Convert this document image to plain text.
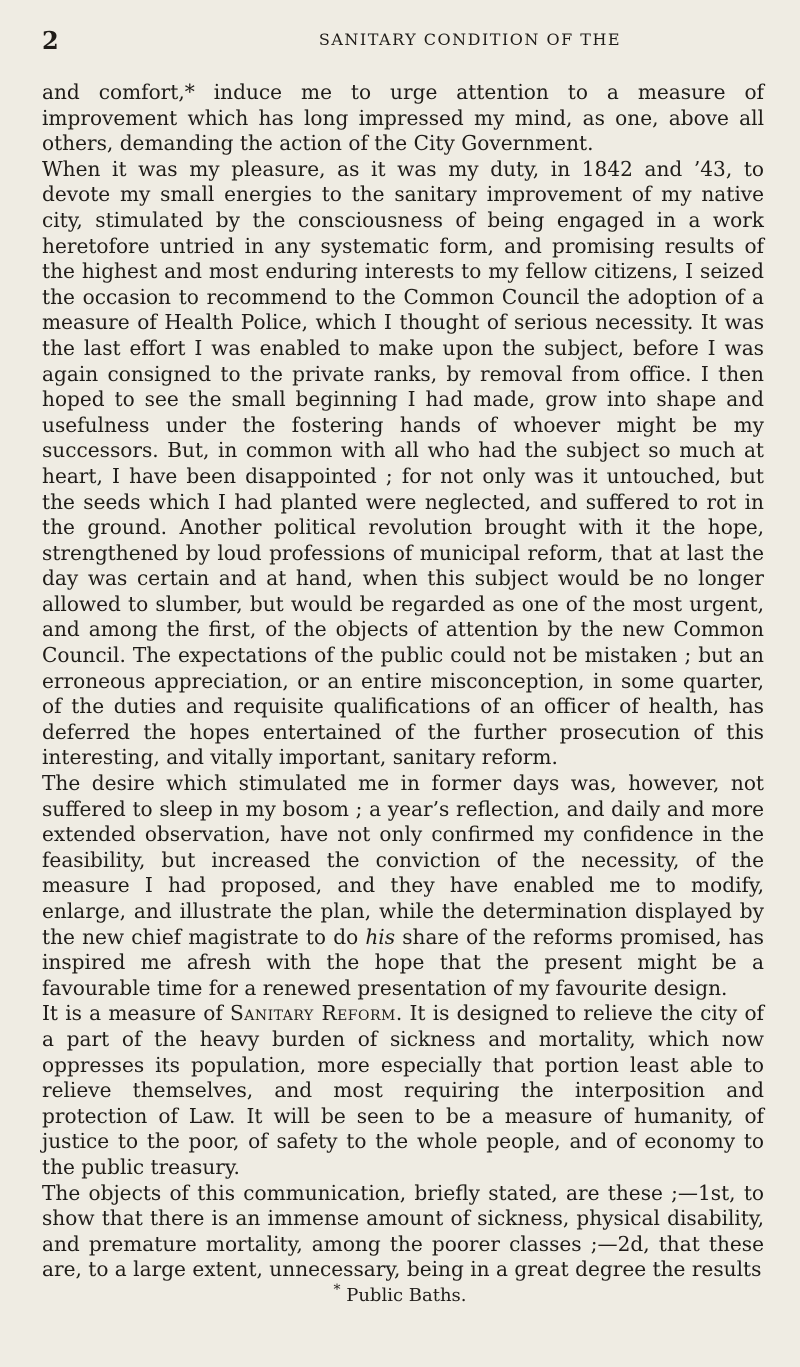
2	SANITARY CONDITION OF THE

and comfort,* induce me to urge attention to a measure of improvement which has long impressed my mind, as one, above all others, demanding the action of the City Government.

When it was my pleasure, as it was my duty, in 1842 and ’43, to devote my small energies to the sanitary improvement of my native city, stimulated by the consciousness of being engaged in a work heretofore untried in any systematic form, and promising results of the highest and most enduring interests to my fellow citizens, I seized the occasion to recommend to the Common Council the adoption of a measure of Health Police, which I thought of serious necessity. It was the last effort I was enabled to make upon the subject, before I was again consigned to the private ranks, by removal from office. I then hoped to see the small beginning I had made, grow into shape and usefulness under the fostering hands of whoever might be my successors. But, in common with all who had the subject so much at heart, I have been disappointed ; for not only was it untouched, but the seeds which I had planted were neglected, and suffered to rot in the ground. Another political revolution brought with it the hope, strengthened by loud professions of municipal reform, that at last the day was certain and at hand, when this subject would be no longer allowed to slumber, but would be regarded as one of the most urgent, and among the first, of the objects of attention by the new Common Council. The expectations of the public could not be mistaken ; but an erroneous appreciation, or an entire misconception, in some quarter, of the duties and requisite qualifications of an officer of health, has deferred the hopes entertained of the further prosecution of this interesting, and vitally important, sanitary reform.

The desire which stimulated me in former days was, however, not suffered to sleep in my bosom ; a year’s reflection, and daily and more extended observation, have not only confirmed my confidence in the feasibility, but increased the conviction of the necessity, of the measure I had proposed, and they have enabled me to modify, enlarge, and illustrate the plan, while the determination displayed by the new chief magistrate to do his share of the reforms promised, has inspired me afresh with the hope that the present might be a favourable time for a renewed presentation of my favourite design.

It is a measure of Sanitary Reform. It is designed to relieve the city of a part of the heavy burden of sickness and mortality, which now oppresses its population, more especially that portion least able to relieve themselves, and most requiring the interposition and protection of Law. It will be seen to be a measure of humanity, of justice to the poor, of safety to the whole people, and of economy to the public treasury.

The objects of this communication, briefly stated, are these ;—1st, to show that there is an immense amount of sickness, physical disability, and premature mortality, among the poorer classes ;—2d, that these are, to a large extent, unnecessary, being in a great degree the results

* Public Baths.
